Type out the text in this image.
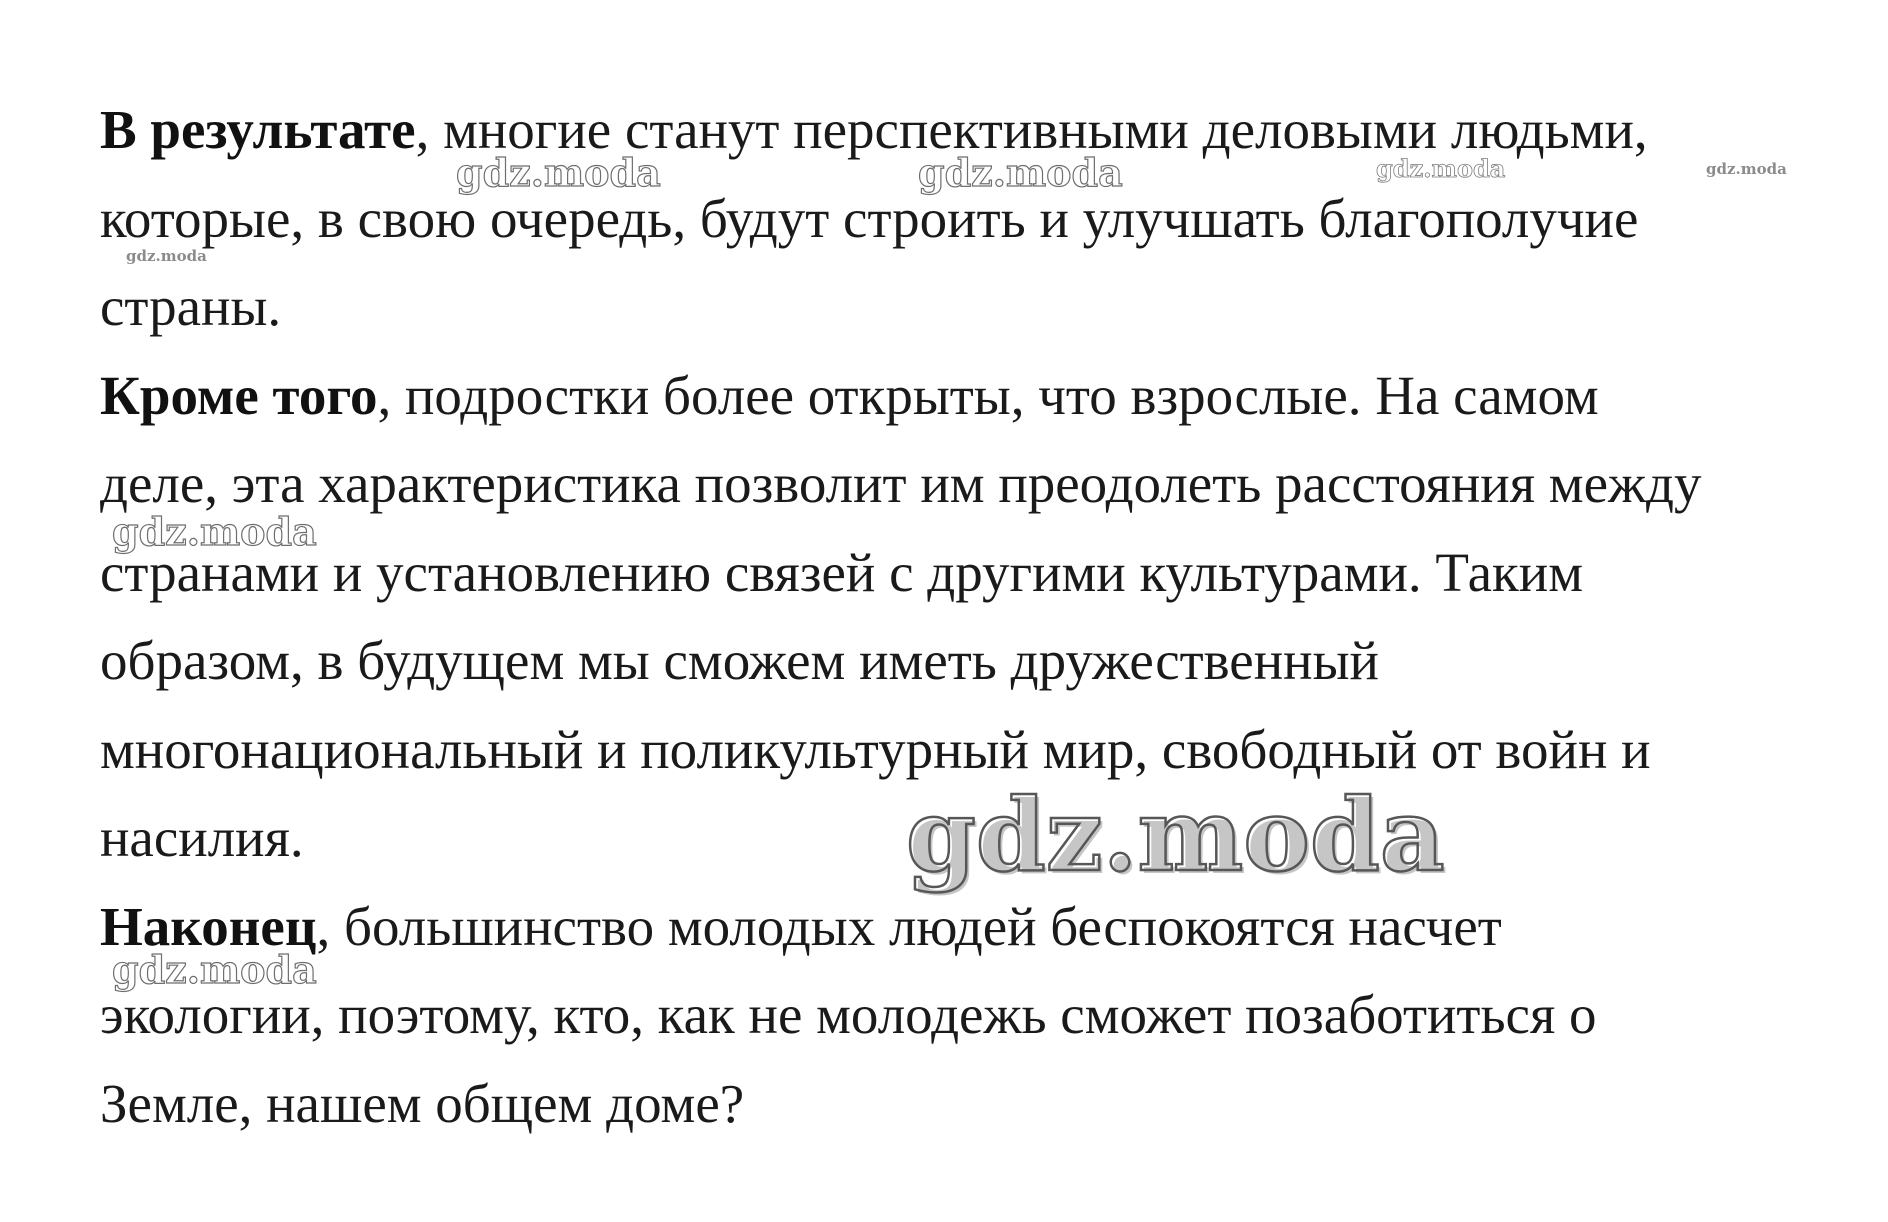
В результате, многие станут перспективными деловыми людьми,
которые, в свою очередь, будут строить и улучшать благополучие
страны.
Кроме того, подростки более открыты, что взрослые. На самом
деле, эта характеристика позволит им преодолеть расстояния между
странами и установлению связей с другими культурами. Таким
образом, в будущем мы сможем иметь дружественный
многонациональный и поликультурный мир, свободный от войн и
насилия.
Наконец, большинство молодых людей беспокоятся насчет
экологии, поэтому, кто, как не молодежь сможет позаботиться о
Земле, нашем общем доме?
gdz.moda	gdz.moda	gdz.moda	gdz.moda
gdz.moda
gdz.moda
gdz.moda
gdz.moda
